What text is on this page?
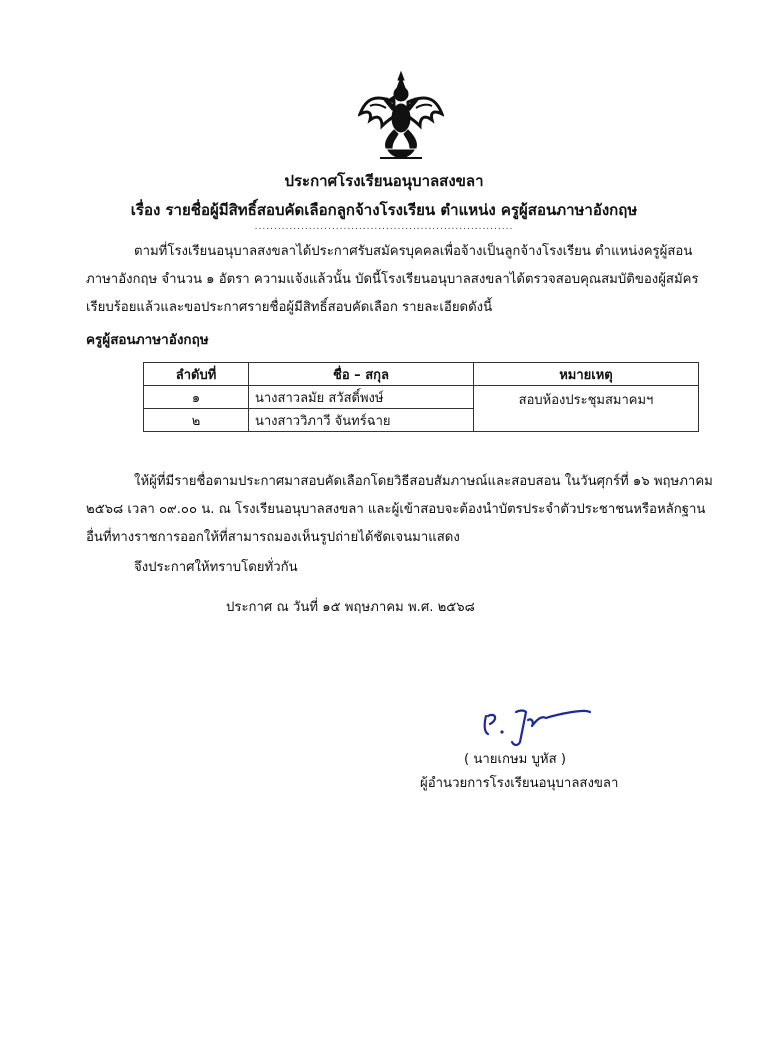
ประกาศโรงเรียนอนุบาลสงขลา
เรื่อง รายชื่อผู้มีสิทธิ์สอบคัดเลือกลูกจ้างโรงเรียน ตำแหน่ง ครูผู้สอนภาษาอังกฤษ
...................................................................
ตามที่โรงเรียนอนุบาลสงขลาได้ประกาศรับสมัครบุคคลเพื่อจ้างเป็นลูกจ้างโรงเรียน ตำแหน่งครูผู้สอนภาษาอังกฤษ จำนวน ๑ อัตรา ความแจ้งแล้วนั้น บัดนี้โรงเรียนอนุบาลสงขลาได้ตรวจสอบคุณสมบัติของผู้สมัครเรียบร้อยแล้วและขอประกาศรายชื่อผู้มีสิทธิ์สอบคัดเลือก รายละเอียดดังนี้
ครูผู้สอนภาษาอังกฤษ
ลำดับที่	ชื่อ – สกุล	หมายเหตุ
๑	นางสาวลมัย สวัสดิ์พงษ์	สอบห้องประชุมสมาคมฯ
๒	นางสาววิภาวี จันทร์ฉาย	
ให้ผู้ที่มีรายชื่อตามประกาศมาสอบคัดเลือกโดยวิธีสอบสัมภาษณ์และสอบสอน ในวันศุกร์ที่ ๑๖ พฤษภาคม ๒๕๖๘ เวลา ๐๙.๐๐ น. ณ โรงเรียนอนุบาลสงขลา และผู้เข้าสอบจะต้องนำบัตรประจำตัวประชาชนหรือหลักฐานอื่นที่ทางราชการออกให้ที่สามารถมองเห็นรูปถ่ายได้ชัดเจนมาแสดง
จึงประกาศให้ทราบโดยทั่วกัน
ประกาศ ณ วันที่ ๑๕ พฤษภาคม พ.ศ. ๒๕๖๘
( นายเกษม บูหัส )
ผู้อำนวยการโรงเรียนอนุบาลสงขลา
